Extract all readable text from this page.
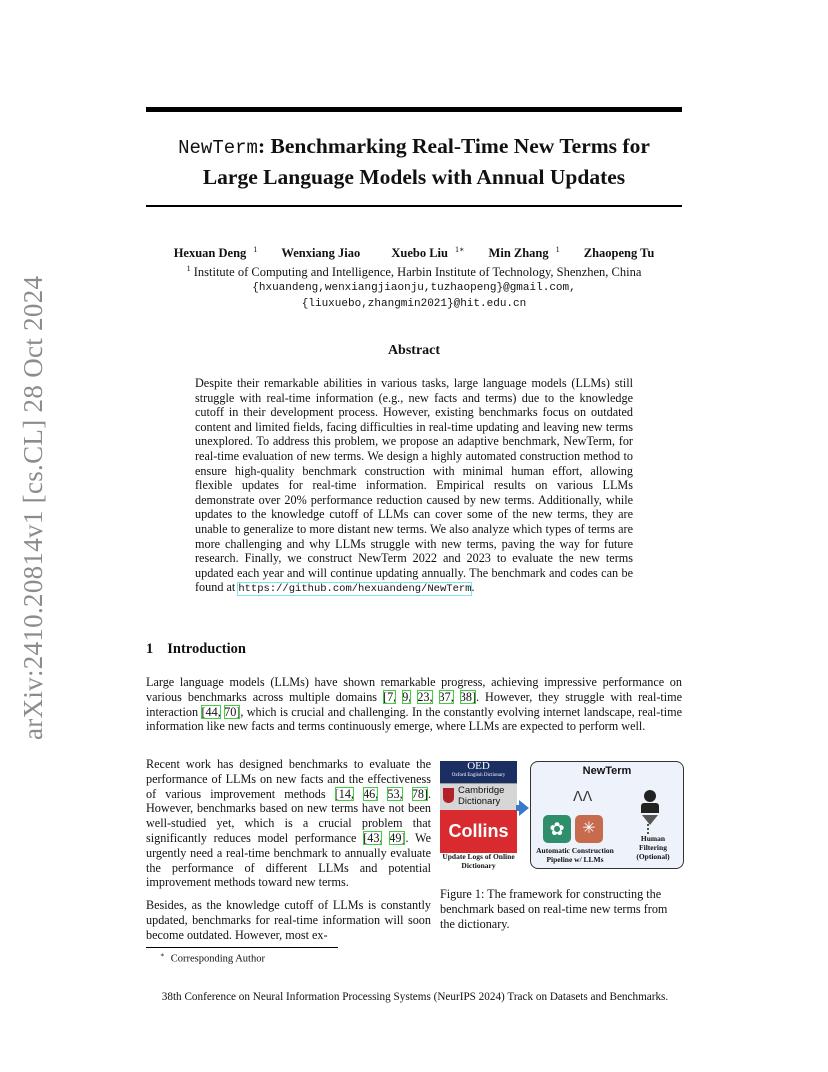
arXiv:2410.20814v1 [cs.CL] 28 Oct 2024
NewTerm: Benchmarking Real-Time New Terms for
Large Language Models with Annual Updates
Hexuan Deng $^1$ Wenxiang Jiao Xuebo Liu $^{1∗}$ Min Zhang $^1$ Zhaopeng Tu
$^1$ Institute of Computing and Intelligence, Harbin Institute of Technology, Shenzhen, China
{hxuandeng,wenxiangjiaonju,tuzhaopeng}@gmail.com,
{liuxuebo,zhangmin2021}@hit.edu.cn
Abstract
Despite their remarkable abilities in various tasks, large language models (LLMs) still struggle with real-time information (e.g., new facts and terms) due to the knowledge cutoff in their development process. However, existing benchmarks focus on outdated content and limited fields, facing difficulties in real-time updating and leaving new terms unexplored. To address this problem, we propose an adaptive benchmark, NewTerm, for real-time evaluation of new terms. We design a highly automated construction method to ensure high-quality benchmark construction with minimal human effort, allowing flexible updates for real-time information. Empirical results on various LLMs demonstrate over 20% performance reduction caused by new terms. Additionally, while updates to the knowledge cutoff of LLMs can cover some of the new terms, they are unable to generalize to more distant new terms. We also analyze which types of terms are more challenging and why LLMs struggle with new terms, paving the way for future research. Finally, we construct NewTerm 2022 and 2023 to evaluate the new terms updated each year and will continue updating annually. The benchmark and codes can be found at https://github.com/hexuandeng/NewTerm.
1 Introduction
Large language models (LLMs) have shown remarkable progress, achieving impressive performance on various benchmarks across multiple domains [7, 9, 23, 37, 38]. However, they struggle with real-time interaction [44, 70], which is crucial and challenging. In the constantly evolving internet landscape, real-time information like new facts and terms continuously emerge, where LLMs are expected to perform well.

Recent work has designed benchmarks to evaluate the performance of LLMs on new facts and the effectiveness of various improvement methods [14, 46, 53, 78]. However, benchmarks based on new terms have not been well-studied yet, which is a crucial problem that significantly reduces model performance [43, 49]. We urgently need a real-time benchmark to annually evaluate the performance of different LLMs and potential improvement methods toward new terms.

Besides, as the knowledge cutoff of LLMs is constantly updated, benchmarks for real-time information will soon become outdated. However, most ex-

OED
Oxford English Dictionary
Cambridge Dictionary
Collins
Update Logs of Online Dictionary
NewTerm
ᐱᐱ
✿	✳
Automatic Construction Pipeline w/ LLMs
Human Filtering (Optional)
Figure 1: The framework for constructing the benchmark based on real-time new terms from the dictionary.
∗ Corresponding Author
38th Conference on Neural Information Processing Systems (NeurIPS 2024) Track on Datasets and Benchmarks.
